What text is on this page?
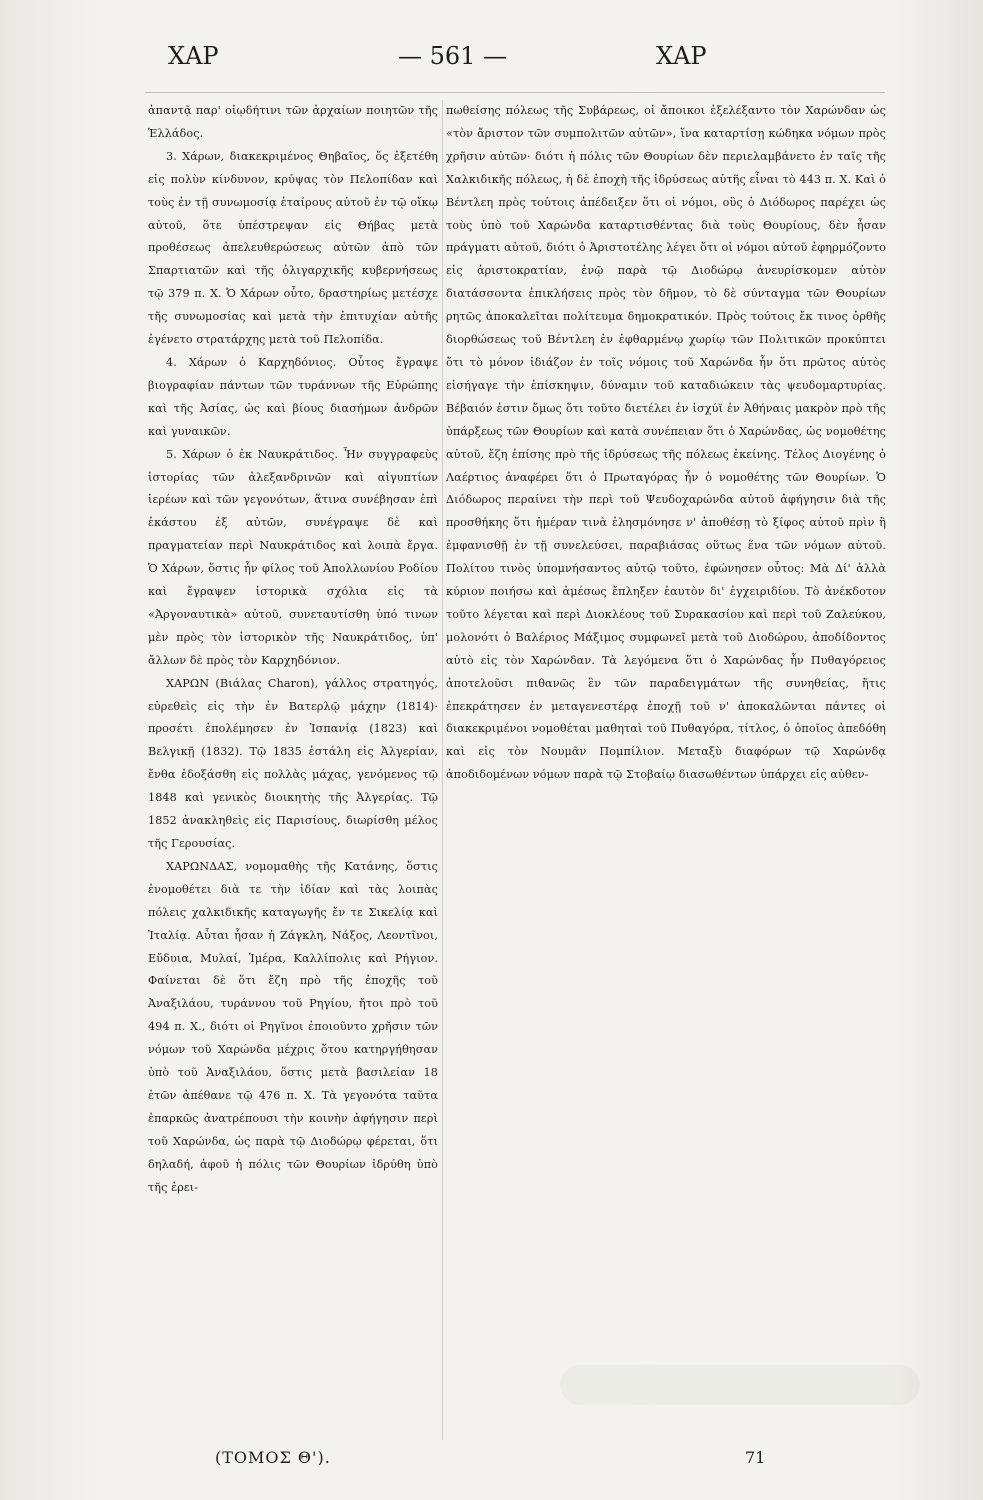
ΧΑΡ	— 561 —	ΧΑΡ

ἀπαντᾷ παρ' οἱῳδήτινι τῶν ἀρχαίων ποιητῶν τῆς Ἑλλάδος.

3. Χάρων, διακεκριμένος Θηβαῖος, ὅς ἐξετέθη εἰς πολὺν κίνδυνον, κρύψας τὸν Πελοπίδαν καὶ τοὺς ἐν τῇ συνωμοσίᾳ ἑταίρους αὐτοῦ ἐν τῷ οἴκῳ αὐτοῦ, ὅτε ὑπέστρεψαν εἰς Θήβας μετὰ προθέσεως ἀπελευθερώσεως αὐτῶν ἀπὸ τῶν Σπαρτιατῶν καὶ τῆς ὀλιγαρχικῆς κυβερνήσεως τῷ 379 π. Χ. Ὁ Χάρων οὗτο, δραστηρίως μετέσχε τῆς συνωμοσίας καὶ μετὰ τὴν ἐπιτυχίαν αὐτῆς ἐγένετο στρατάρχης μετὰ τοῦ Πελοπίδα.

4. Χάρων ὁ Καρχηδόνιος. Οὗτος ἔγραψε βιογραφίαν πάντων τῶν τυράννων τῆς Εὐρώπης καὶ τῆς Ἀσίας, ὡς καὶ βίους διασήμων ἀνδρῶν καὶ γυναικῶν.

5. Χάρων ὁ ἐκ Ναυκράτιδος. Ἦν συγγραφεὺς ἱστορίας τῶν ἀλεξανδρινῶν καὶ αἰγυπτίων ἱερέων καὶ τῶν γεγονότων, ἅτινα συνέβησαν ἐπὶ ἑκάστου ἐξ αὐτῶν, συνέγραψε δὲ καὶ πραγματείαν περὶ Ναυκράτιδος καὶ λοιπὰ ἔργα. Ὁ Χάρων, ὅστις ἦν φίλος τοῦ Ἀπολλωνίου Ροδίου καὶ ἔγραψεν ἱστορικὰ σχόλια εἰς τὰ «Ἀργοναυτικὰ» αὐτοῦ, συνεταυτίσθη ὑπό τινων μὲν πρὸς τὸν ἱστορικὸν τῆς Ναυκράτιδος, ὑπ' ἄλλων δὲ πρὸς τὸν Καρχηδόνιον.

ΧΑΡΩΝ (Βιάλας Charon), γάλλος στρατηγός, εὑρεθεὶς εἰς τὴν ἐν Βατερλῷ μάχην (1814)· προσέτι ἐπολέμησεν ἐν Ἱσπανίᾳ (1823) καὶ Βελγικῇ (1832). Τῷ 1835 ἐστάλη εἰς Ἀλγερίαν, ἔνθα ἐδοξάσθη εἰς πολλὰς μάχας, γενόμενος τῷ 1848 καὶ γενικὸς διοικητὴς τῆς Ἀλγερίας. Τῷ 1852 ἀνακληθεὶς εἰς Παρισίους, διωρίσθη μέλος τῆς Γερουσίας.

ΧΑΡΩΝΔΑΣ, νομομαθὴς τῆς Κατάνης, ὅστις ἐνομοθέτει διὰ τε τὴν ἰδίαν καὶ τὰς λοιπὰς πόλεις χαλκιδικῆς καταγωγῆς ἔν τε Σικελίᾳ καὶ Ἰταλίᾳ. Αὗται ἦσαν ἡ Ζάγκλη, Νάξος, Λεοντῖνοι, Εὔδυια, Μυλαί, Ἱμέρα, Καλλίπολις καὶ Ρήγιον. Φαίνεται δὲ ὅτι ἔζη πρὸ τῆς ἐποχῆς τοῦ Ἀναξιλάου, τυράννου τοῦ Ρηγίου, ἤτοι πρὸ τοῦ 494 π. Χ., διότι οἱ Ρηγῖνοι ἐποιοῦντο χρῆσιν τῶν νόμων τοῦ Χαρώνδα μέχρις ὅτου κατηργήθησαν ὑπὸ τοῦ Ἀναξιλάου, ὅστις μετὰ βασιλείαν 18 ἐτῶν ἀπέθανε τῷ 476 π. Χ. Τὰ γεγονότα ταῦτα ἐπαρκῶς ἀνατρέπουσι τὴν κοινὴν ἀφήγησιν περὶ τοῦ Χαρώνδα, ὡς παρὰ τῷ Διοδώρῳ φέρεται, ὅτι δηλαδή, ἀφοῦ ἡ πόλις τῶν Θουρίων ἱδρύθη ὑπὸ τῆς ἐρει-

πωθείσης πόλεως τῆς Συβάρεως, οἱ ἄποικοι ἐξελέξαντο τὸν Χαρώνδαν ὡς «τὸν ἄριστον τῶν συμπολιτῶν αὐτῶν», ἵνα καταρτίσῃ κώδηκα νόμων πρὸς χρῆσιν αὐτῶν· διότι ἡ πόλις τῶν Θουρίων δὲν περιελαμβάνετο ἐν ταῖς τῆς Χαλκιδικῆς πόλεως, ἡ δὲ ἐποχὴ τῆς ἱδρύσεως αὐτῆς εἶναι τὸ 443 π. Χ. Καὶ ὁ Βέντλεη πρὸς τούτοις ἀπέδειξεν ὅτι οἱ νόμοι, οὓς ὁ Διόδωρος παρέχει ὡς τοὺς ὑπὸ τοῦ Χαρώνδα καταρτισθέντας διὰ τοὺς Θουρίους, δὲν ἦσαν πράγματι αὐτοῦ, διότι ὁ Ἀριστοτέλης λέγει ὅτι οἱ νόμοι αὐτοῦ ἐφηρμόζοντο εἰς ἀριστοκρατίαν, ἐνῷ παρὰ τῷ Διοδώρῳ ἀνευρίσκομεν αὐτὸν διατάσσοντα ἐπικλήσεις πρὸς τὸν δῆμον, τὸ δὲ σύνταγμα τῶν Θουρίων ρητῶς ἀποκαλεῖται πολίτευμα δημοκρατικόν. Πρὸς τούτοις ἔκ τινος ὀρθῆς διορθώσεως τοῦ Βέντλεη ἐν ἐφθαρμένῳ χωρίῳ τῶν Πολιτικῶν προκύπτει ὅτι τὸ μόνον ἰδιάζον ἐν τοῖς νόμοις τοῦ Χαρώνδα ἦν ὅτι πρῶτος αὐτὸς εἰσήγαγε τὴν ἐπίσκηψιν, δύναμιν τοῦ καταδιώκειν τὰς ψευδομαρτυρίας. Βέβαιόν ἐστιν ὅμως ὅτι τοῦτο διετέλει ἐν ἰσχύϊ ἐν Ἀθήναις μακρὸν πρὸ τῆς ὑπάρξεως τῶν Θουρίων καὶ κατὰ συνέπειαν ὅτι ὁ Χαρώνδας, ὡς νομοθέτης αὐτοῦ, ἔζη ἐπίσης πρὸ τῆς ἱδρύσεως τῆς πόλεως ἐκείνης. Τέλος Διογένης ὁ Λαέρτιος ἀναφέρει ὅτι ὁ Πρωταγόρας ἦν ὁ νομοθέτης τῶν Θουρίων. Ὁ Διόδωρος περαίνει τὴν περὶ τοῦ Ψευδοχαρώνδα αὐτοῦ ἀφήγησιν διὰ τῆς προσθήκης ὅτι ἡμέραν τινὰ ἐλησμόνησε ν' ἀποθέσῃ τὸ ξίφος αὐτοῦ πρὶν ἢ ἐμφανισθῇ ἐν τῇ συνελεύσει, παραβιάσας οὕτως ἕνα τῶν νόμων αὐτοῦ. Πολίτου τινὸς ὑπομνήσαντος αὐτῷ τοῦτο, ἐφώνησεν οὗτος: Μὰ Δί' ἀλλὰ κύριον ποιήσω καὶ ἀμέσως ἔπληξεν ἑαυτὸν δι' ἐγχειριδίου. Τὸ ἀνέκδοτον τοῦτο λέγεται καὶ περὶ Διοκλέους τοῦ Συρακασίου καὶ περὶ τοῦ Ζαλεύκου, μολονότι ὁ Βαλέριος Μάξιμος συμφωνεῖ μετὰ τοῦ Διοδώρου, ἀποδίδοντος αὐτὸ εἰς τὸν Χαρώνδαν. Τὰ λεγόμενα ὅτι ὁ Χαρώνδας ἦν Πυθαγόρειος ἀποτελοῦσι πιθανῶς ἓν τῶν παραδειγμάτων τῆς συνηθείας, ἥτις ἐπεκράτησεν ἐν μεταγενεστέρᾳ ἐποχῇ τοῦ ν' ἀποκαλῶνται πάντες οἱ διακεκριμένοι νομοθέται μαθηταὶ τοῦ Πυθαγόρα, τίτλος, ὁ ὁποῖος ἀπεδόθη καὶ εἰς τὸν Νουμᾶν Πομπίλιον. Μεταξὺ διαφόρων τῷ Χαρώνδᾳ ἀποδιδομένων νόμων παρὰ τῷ Στοβαίῳ διασωθέντων ὑπάρχει εἰς αὐθεν-

(ΤΟΜΟΣ Θ').	71
